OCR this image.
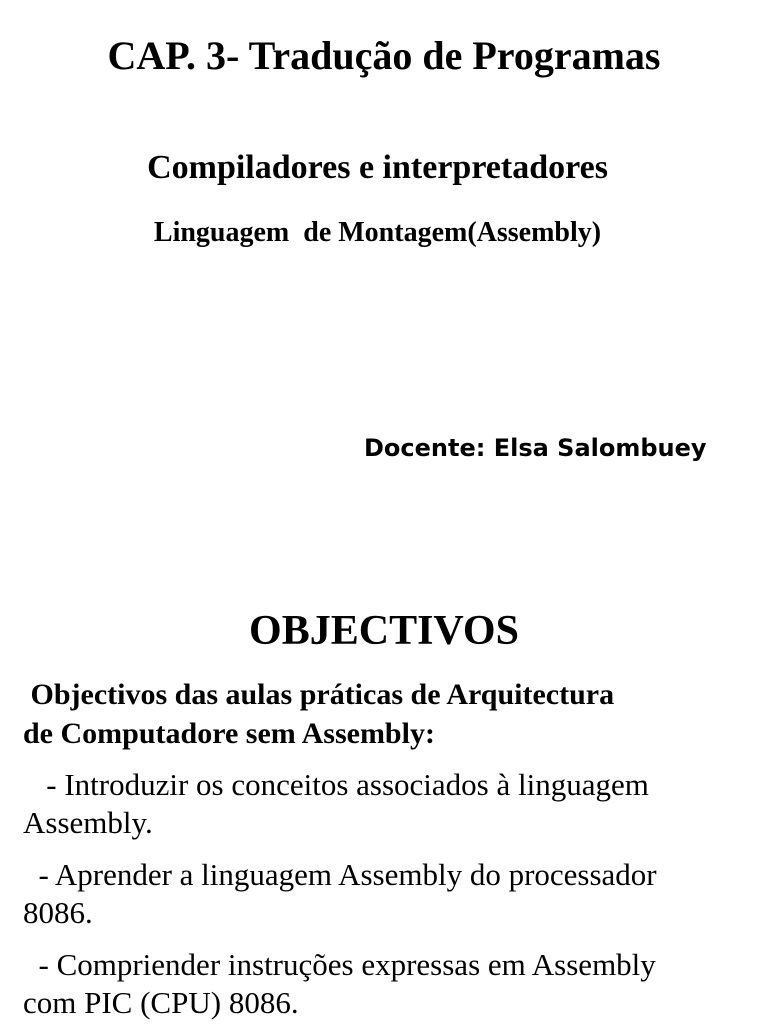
CAP. 3- Tradução de Programas
Compiladores e interpretadores
Linguagem  de Montagem(Assembly)
Docente: Elsa Salombuey
OBJECTIVOS
Objectivos das aulas práticas de Arquitectura
de Computadore sem Assembly:
- Introduzir os conceitos associados à linguagem
Assembly.
- Aprender a linguagem Assembly do processador
8086.
- Compriender instruções expressas em Assembly
com PIC (CPU) 8086.
